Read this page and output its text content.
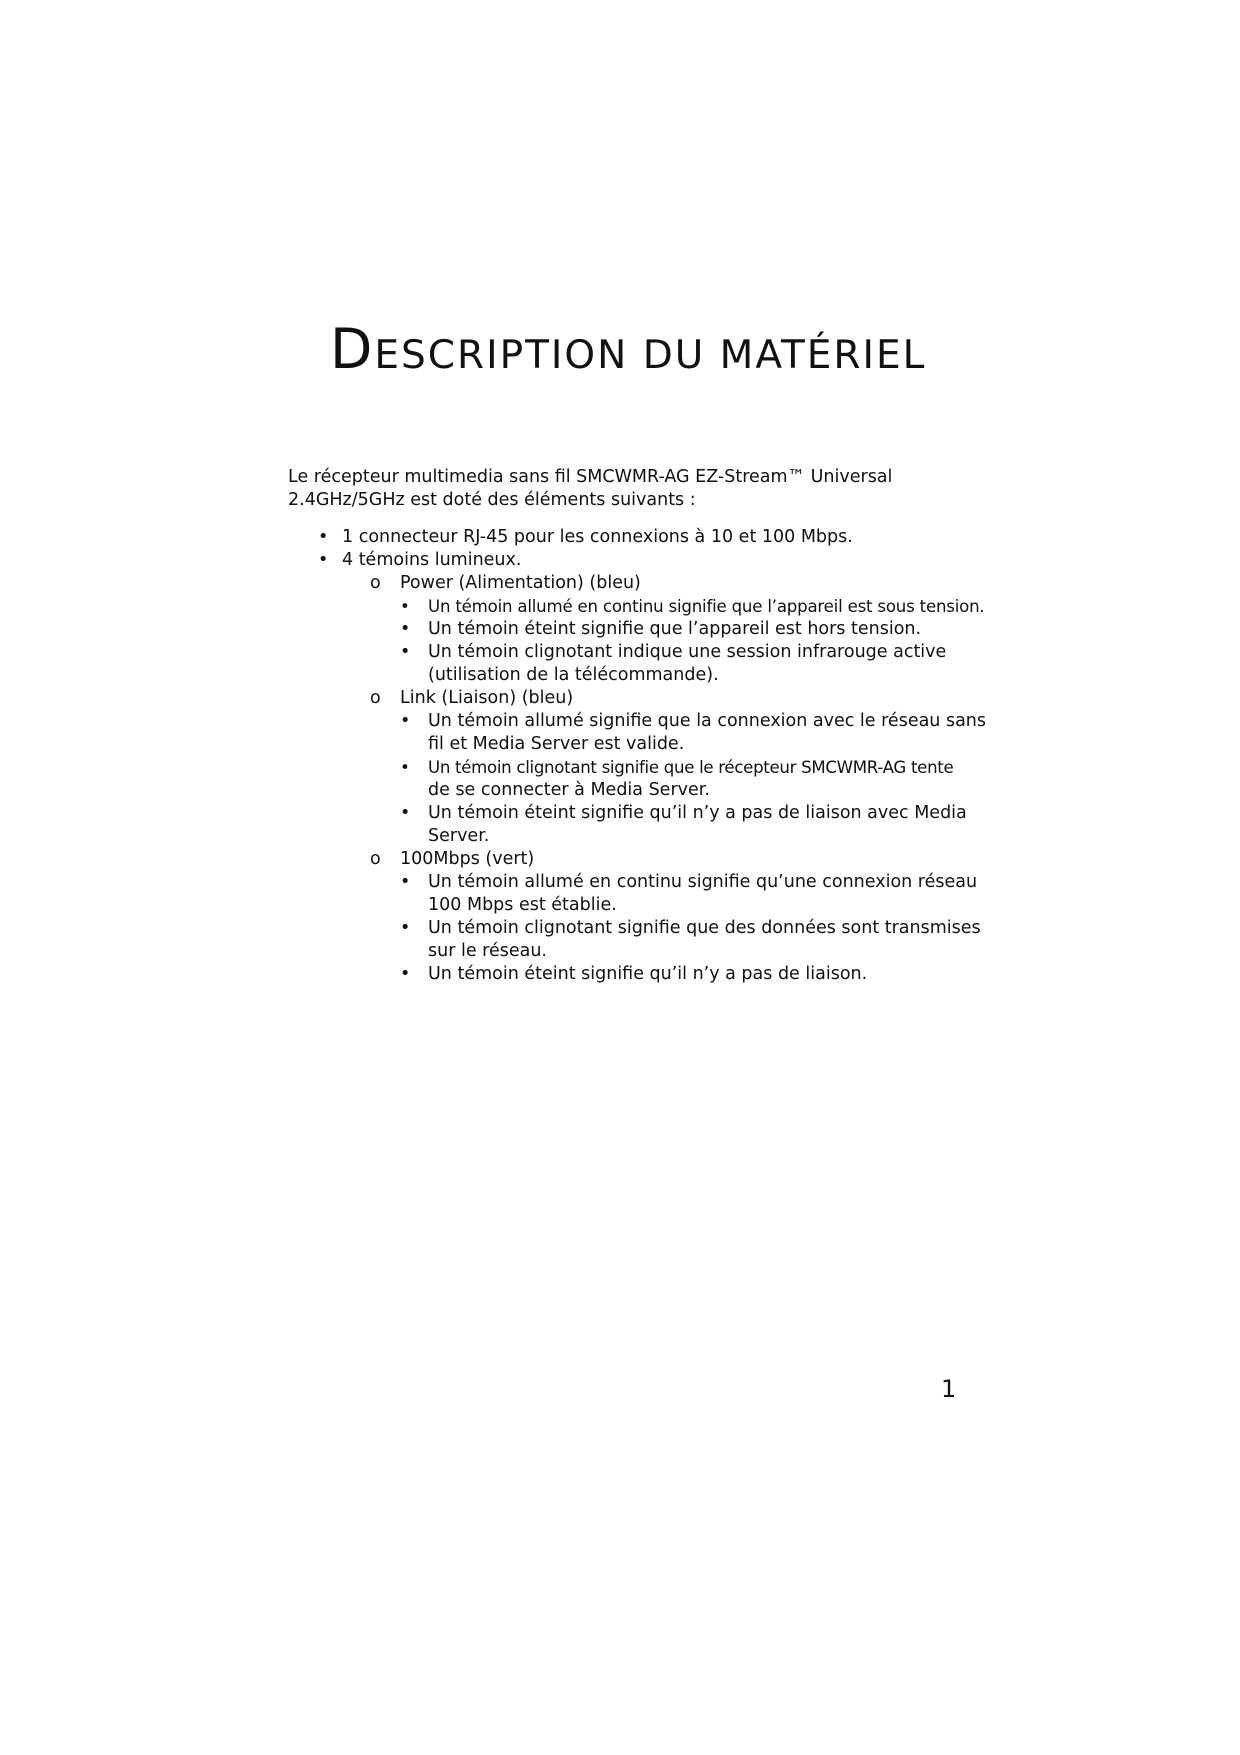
DESCRIPTION DU MATÉRIEL

Le récepteur multimedia sans fil SMCWMR-AG EZ-Stream™ Universal
2.4GHz/5GHz est doté des éléments suivants :

• 1 connecteur RJ-45 pour les connexions à 10 et 100 Mbps.
• 4 témoins lumineux.
o Power (Alimentation) (bleu)
• Un témoin allumé en continu signifie que l’appareil est sous tension.
• Un témoin éteint signifie que l’appareil est hors tension.
• Un témoin clignotant indique une session infrarouge active
(utilisation de la télécommande).
o Link (Liaison) (bleu)
• Un témoin allumé signifie que la connexion avec le réseau sans
fil et Media Server est valide.
• Un témoin clignotant signifie que le récepteur SMCWMR-AG tente
de se connecter à Media Server.
• Un témoin éteint signifie qu’il n’y a pas de liaison avec Media
Server.
o 100Mbps (vert)
• Un témoin allumé en continu signifie qu’une connexion réseau
100 Mbps est établie.
• Un témoin clignotant signifie que des données sont transmises
sur le réseau.
• Un témoin éteint signifie qu’il n’y a pas de liaison.
1
